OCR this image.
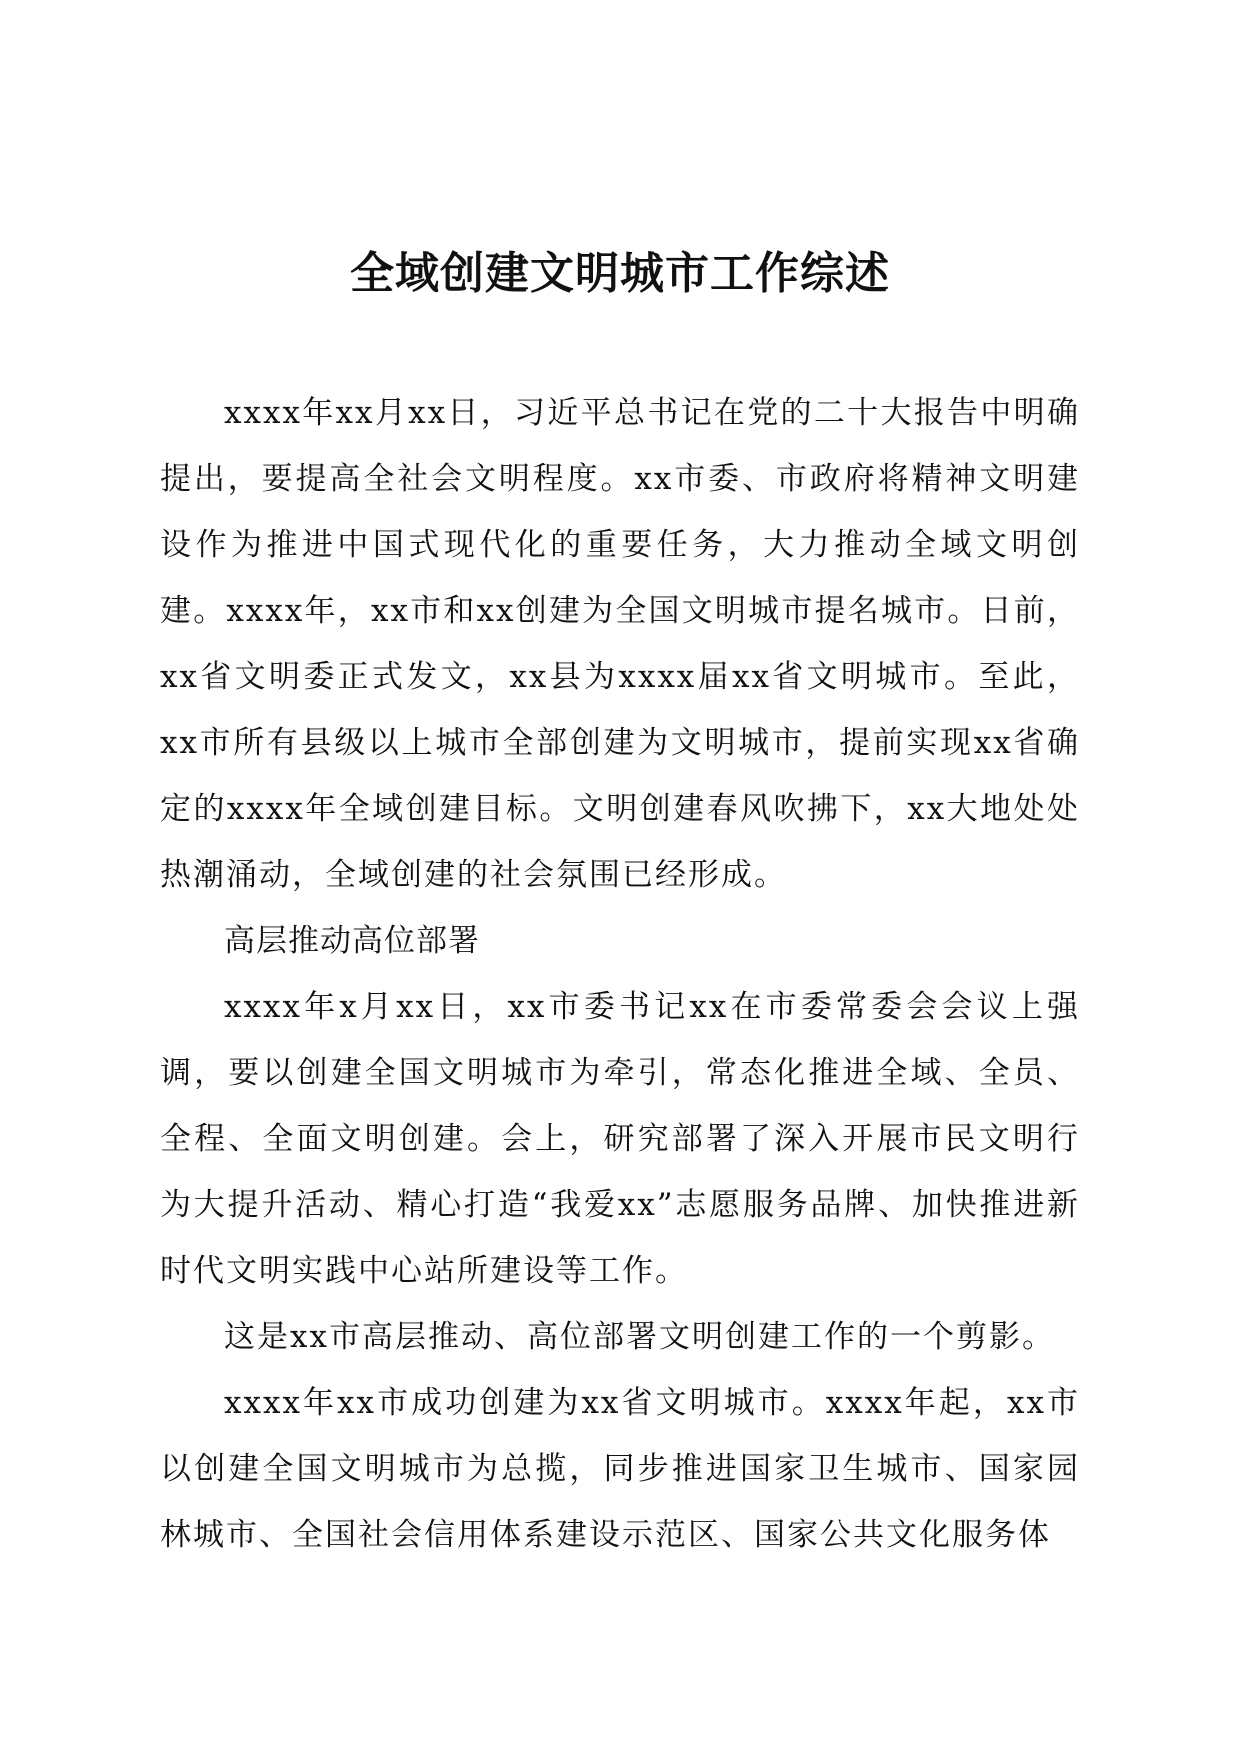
全域创建文明城市工作综述

xxxx年xx月xx日，习近平总书记在党的二十大报告中明确提出，要提高全社会文明程度。xx市委、市政府将精神文明建设作为推进中国式现代化的重要任务，大力推动全域文明创建。xxxx年，xx市和xx创建为全国文明城市提名城市。日前，xx省文明委正式发文，xx县为xxxx届xx省文明城市。至此，xx市所有县级以上城市全部创建为文明城市，提前实现xx省确定的xxxx年全域创建目标。文明创建春风吹拂下，xx大地处处热潮涌动，全域创建的社会氛围已经形成。

高层推动高位部署

xxxx年x月xx日，xx市委书记xx在市委常委会会议上强调，要以创建全国文明城市为牵引，常态化推进全域、全员、全程、全面文明创建。会上，研究部署了深入开展市民文明行为大提升活动、精心打造“我爱xx”志愿服务品牌、加快推进新时代文明实践中心站所建设等工作。

这是xx市高层推动、高位部署文明创建工作的一个剪影。

xxxx年xx市成功创建为xx省文明城市。xxxx年起，xx市以创建全国文明城市为总揽，同步推进国家卫生城市、国家园林城市、全国社会信用体系建设示范区、国家公共文化服务体
